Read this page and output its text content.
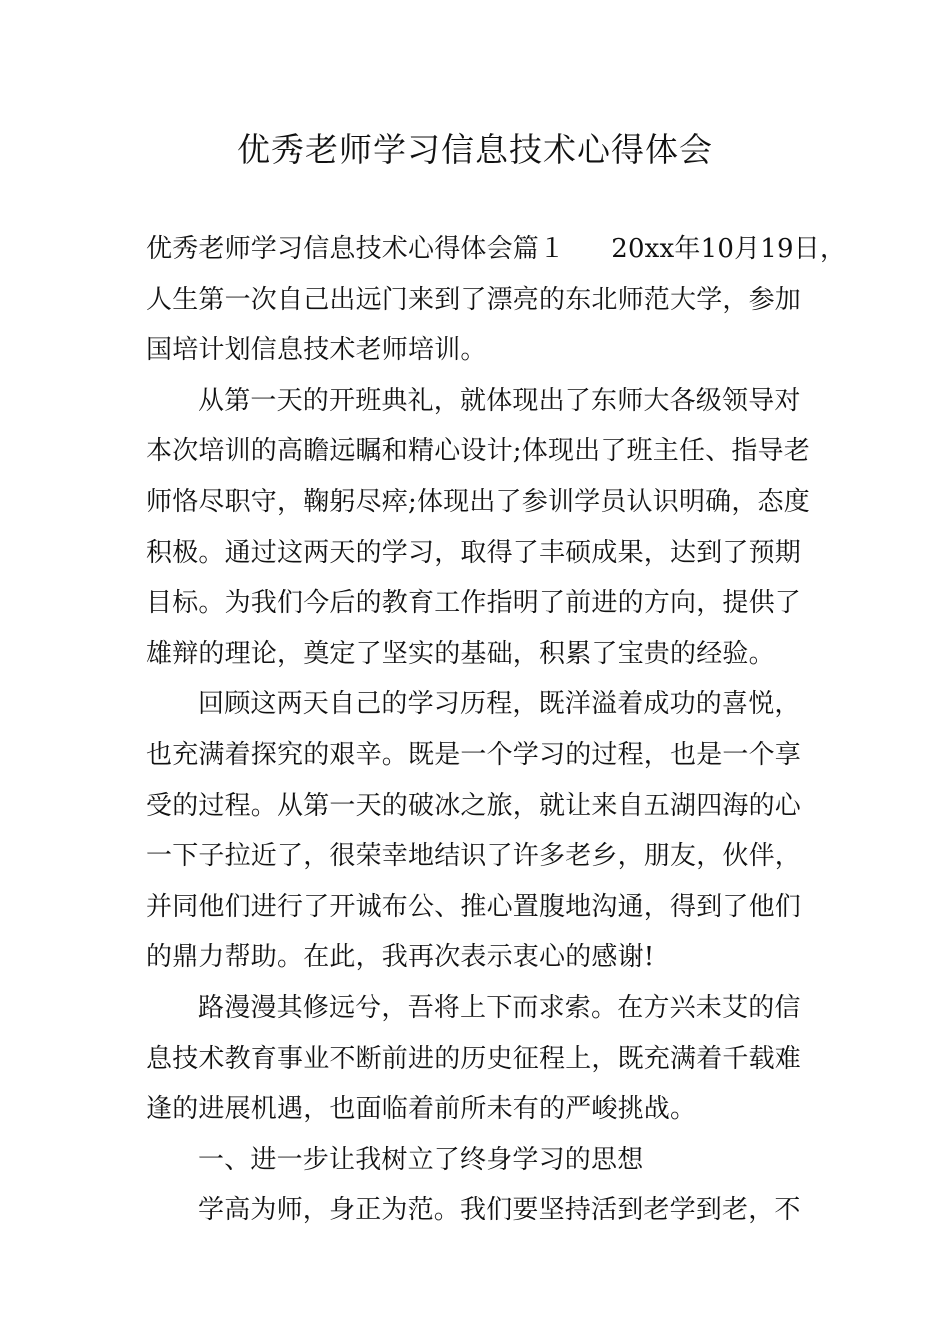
优秀老师学习信息技术心得体会
优秀老师学习信息技术心得体会篇１ 20xx年10月19日，
人生第一次自己出远门来到了漂亮的东北师范大学，参加
国培计划信息技术老师培训。
从第一天的开班典礼，就体现出了东师大各级领导对
本次培训的高瞻远瞩和精心设计;体现出了班主任、指导老
师恪尽职守，鞠躬尽瘁;体现出了参训学员认识明确，态度
积极。通过这两天的学习，取得了丰硕成果，达到了预期
目标。为我们今后的教育工作指明了前进的方向，提供了
雄辩的理论，奠定了坚实的基础，积累了宝贵的经验。
回顾这两天自己的学习历程，既洋溢着成功的喜悦，
也充满着探究的艰辛。既是一个学习的过程，也是一个享
受的过程。从第一天的破冰之旅，就让来自五湖四海的心
一下子拉近了，很荣幸地结识了许多老乡，朋友，伙伴，
并同他们进行了开诚布公、推心置腹地沟通，得到了他们
的鼎力帮助。在此，我再次表示衷心的感谢!
路漫漫其修远兮，吾将上下而求索。在方兴未艾的信
息技术教育事业不断前进的历史征程上，既充满着千载难
逢的进展机遇，也面临着前所未有的严峻挑战。
一、进一步让我树立了终身学习的思想
学高为师，身正为范。我们要坚持活到老学到老，不
